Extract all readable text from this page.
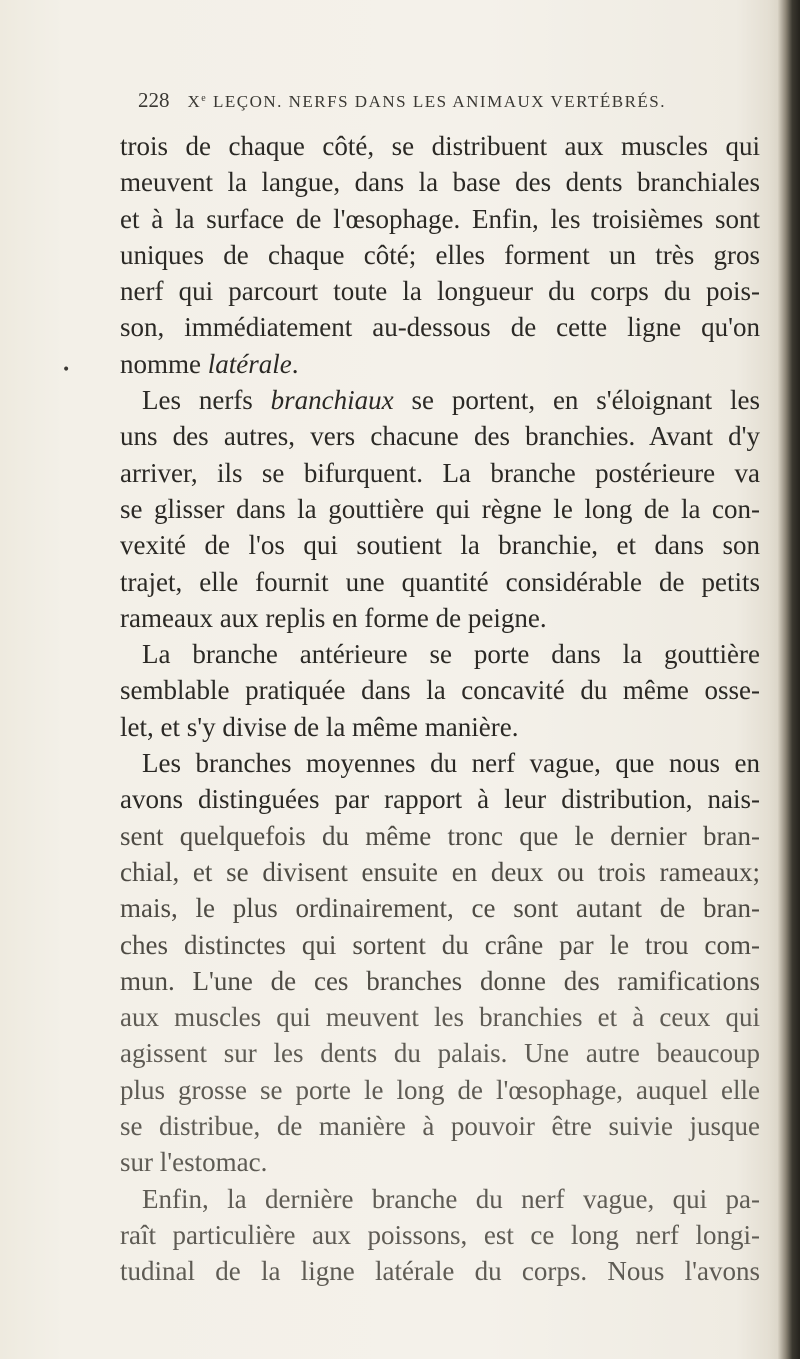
228 Xe LEÇON. NERFS DANS LES ANIMAUX VERTÉBRÉS.
•
trois de chaque côté, se distribuent aux muscles qui
meuvent la langue, dans la base des dents branchiales
et à la surface de l'œsophage. Enfin, les troisièmes sont
uniques de chaque côté; elles forment un très gros
nerf qui parcourt toute la longueur du corps du pois-
son, immédiatement au-dessous de cette ligne qu'on
nomme latérale.
Les nerfs branchiaux se portent, en s'éloignant les
uns des autres, vers chacune des branchies. Avant d'y
arriver, ils se bifurquent. La branche postérieure va
se glisser dans la gouttière qui règne le long de la con-
vexité de l'os qui soutient la branchie, et dans son
trajet, elle fournit une quantité considérable de petits
rameaux aux replis en forme de peigne.
La branche antérieure se porte dans la gouttière
semblable pratiquée dans la concavité du même osse-
let, et s'y divise de la même manière.
Les branches moyennes du nerf vague, que nous en
avons distinguées par rapport à leur distribution, nais-
sent quelquefois du même tronc que le dernier bran-
chial, et se divisent ensuite en deux ou trois rameaux;
mais, le plus ordinairement, ce sont autant de bran-
ches distinctes qui sortent du crâne par le trou com-
mun. L'une de ces branches donne des ramifications
aux muscles qui meuvent les branchies et à ceux qui
agissent sur les dents du palais. Une autre beaucoup
plus grosse se porte le long de l'œsophage, auquel elle
se distribue, de manière à pouvoir être suivie jusque
sur l'estomac.
Enfin, la dernière branche du nerf vague, qui pa-
raît particulière aux poissons, est ce long nerf longi-
tudinal de la ligne latérale du corps. Nous l'avons
